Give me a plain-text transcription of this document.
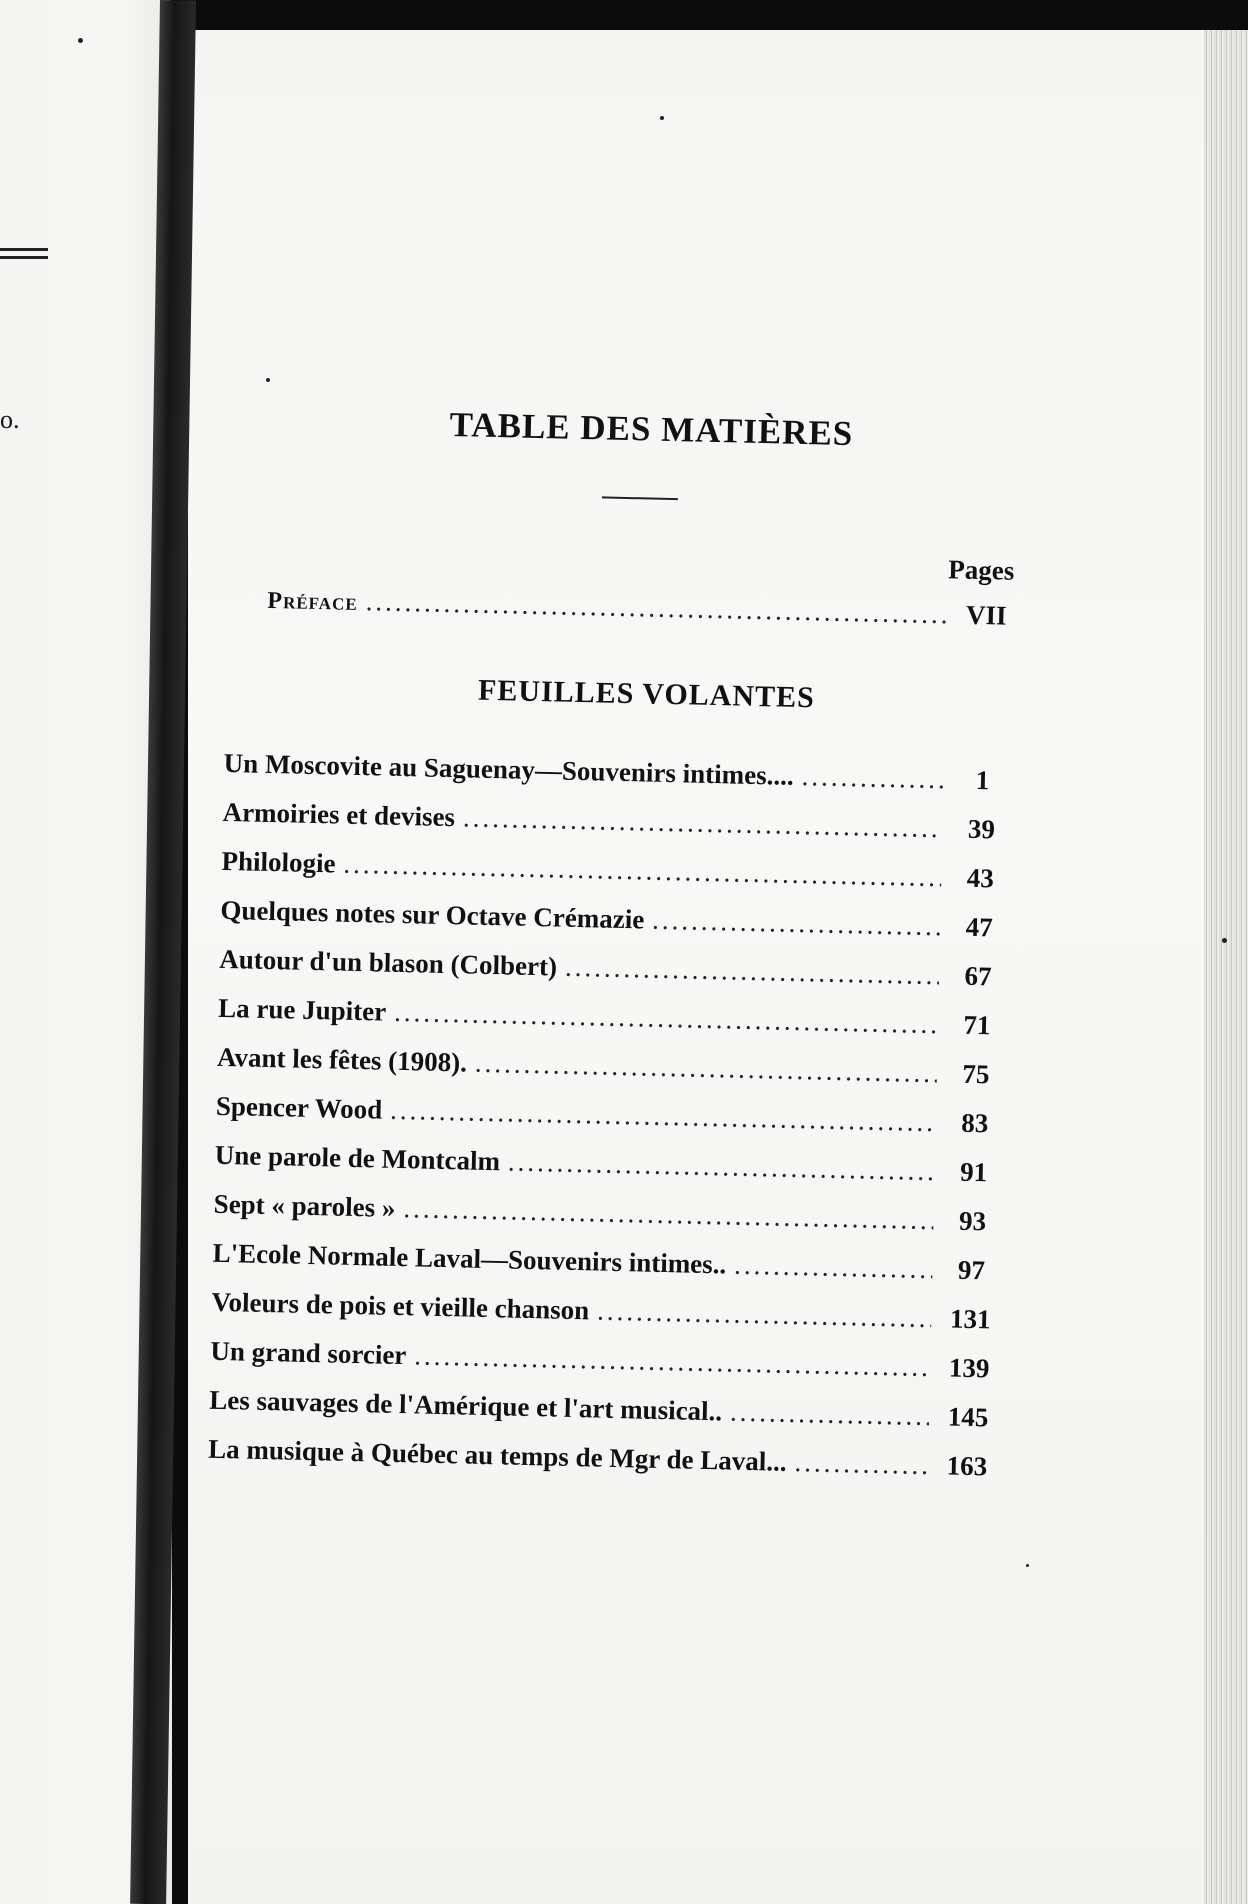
o.	TABLE DES MATIÈRES
Pages
Préface .....	VII
FEUILLES VOLANTES
Un Moscovite au Saguenay—Souvenirs intimes.... .....	1
Armoiries et devises .....	39
Philologie .....	43
Quelques notes sur Octave Crémazie .....	47
Autour d'un blason (Colbert) .....	67
La rue Jupiter .....	71
Avant les fêtes (1908). .....	75
Spencer Wood .....	83
Une parole de Montcalm .....	91
Sept « paroles » .....	93
L'Ecole Normale Laval—Souvenirs intimes.. .....	97
Voleurs de pois et vieille chanson .....	131
Un grand sorcier .....	139
Les sauvages de l'Amérique et l'art musical.. .....	145
La musique à Québec au temps de Mgr de Laval... .....	163
